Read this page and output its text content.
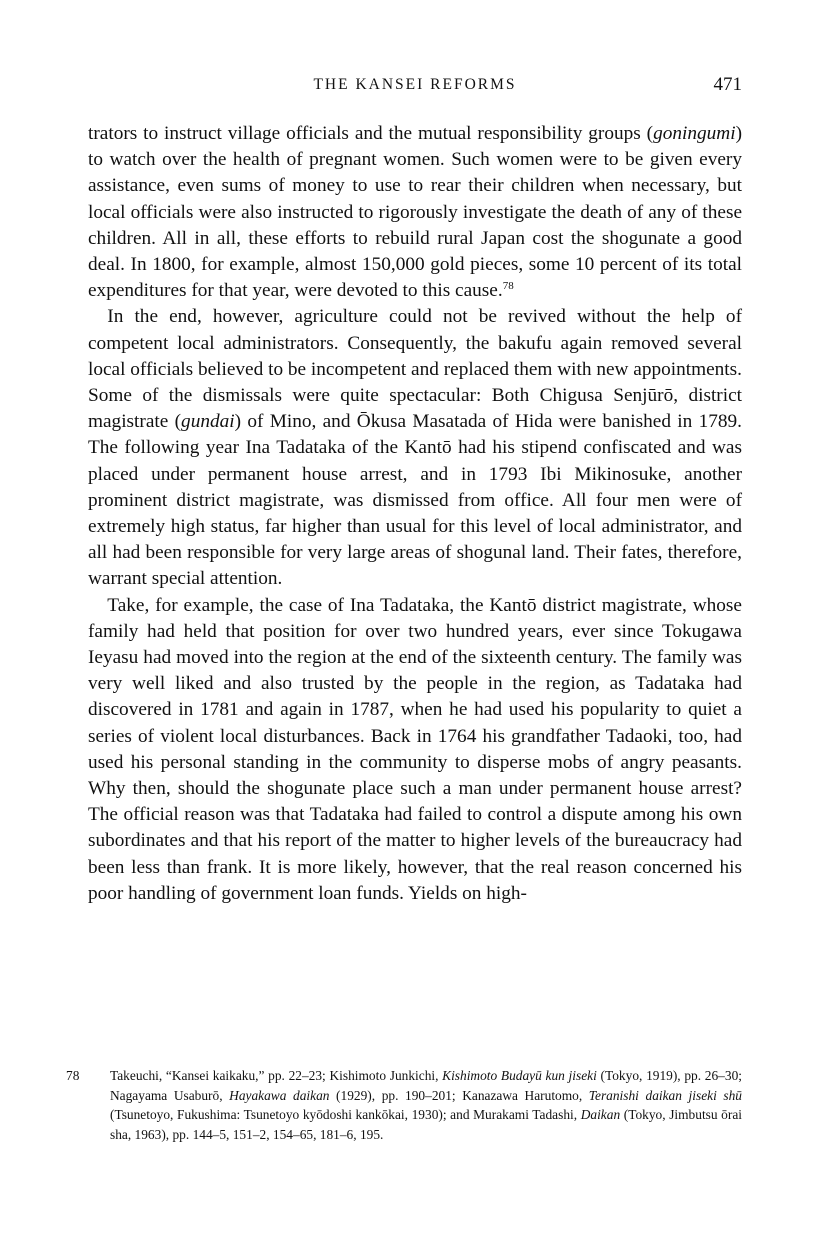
THE KANSEI REFORMS	471

trators to instruct village officials and the mutual responsibility groups (goningumi) to watch over the health of pregnant women. Such women were to be given every assistance, even sums of money to use to rear their children when necessary, but local officials were also instructed to rigorously investigate the death of any of these children. All in all, these efforts to rebuild rural Japan cost the shogunate a good deal. In 1800, for example, almost 150,000 gold pieces, some 10 percent of its total expenditures for that year, were devoted to this cause.$^{78}$

 In the end, however, agriculture could not be revived without the help of competent local administrators. Consequently, the bakufu again removed several local officials believed to be incompetent and replaced them with new appointments. Some of the dismissals were quite spectacular: Both Chigusa Senjūrō, district magistrate (gundai) of Mino, and Ōkusa Masatada of Hida were banished in 1789. The following year Ina Tadataka of the Kantō had his stipend confiscated and was placed under permanent house arrest, and in 1793 Ibi Mikinosuke, another prominent district magistrate, was dismissed from office. All four men were of extremely high status, far higher than usual for this level of local administrator, and all had been responsible for very large areas of shogunal land. Their fates, therefore, warrant special attention.

 Take, for example, the case of Ina Tadataka, the Kantō district magistrate, whose family had held that position for over two hundred years, ever since Tokugawa Ieyasu had moved into the region at the end of the sixteenth century. The family was very well liked and also trusted by the people in the region, as Tadataka had discovered in 1781 and again in 1787, when he had used his popularity to quiet a series of violent local disturbances. Back in 1764 his grandfather Tadaoki, too, had used his personal standing in the community to disperse mobs of angry peasants. Why then, should the shogunate place such a man under permanent house arrest? The official reason was that Tadataka had failed to control a dispute among his own subordinates and that his report of the matter to higher levels of the bureaucracy had been less than frank. It is more likely, however, that the real reason concerned his poor handling of government loan funds. Yields on high-

78 Takeuchi, “Kansei kaikaku,” pp. 22–23; Kishimoto Junkichi, Kishimoto Budayū kun jiseki (Tokyo, 1919), pp. 26–30; Nagayama Usaburō, Hayakawa daikan (1929), pp. 190–201; Kanazawa Harutomo, Teranishi daikan jiseki shū (Tsunetoyo, Fukushima: Tsunetoyo kyōdoshi kankōkai, 1930); and Murakami Tadashi, Daikan (Tokyo, Jimbutsu ōrai sha, 1963), pp. 144–5, 151–2, 154–65, 181–6, 195.
